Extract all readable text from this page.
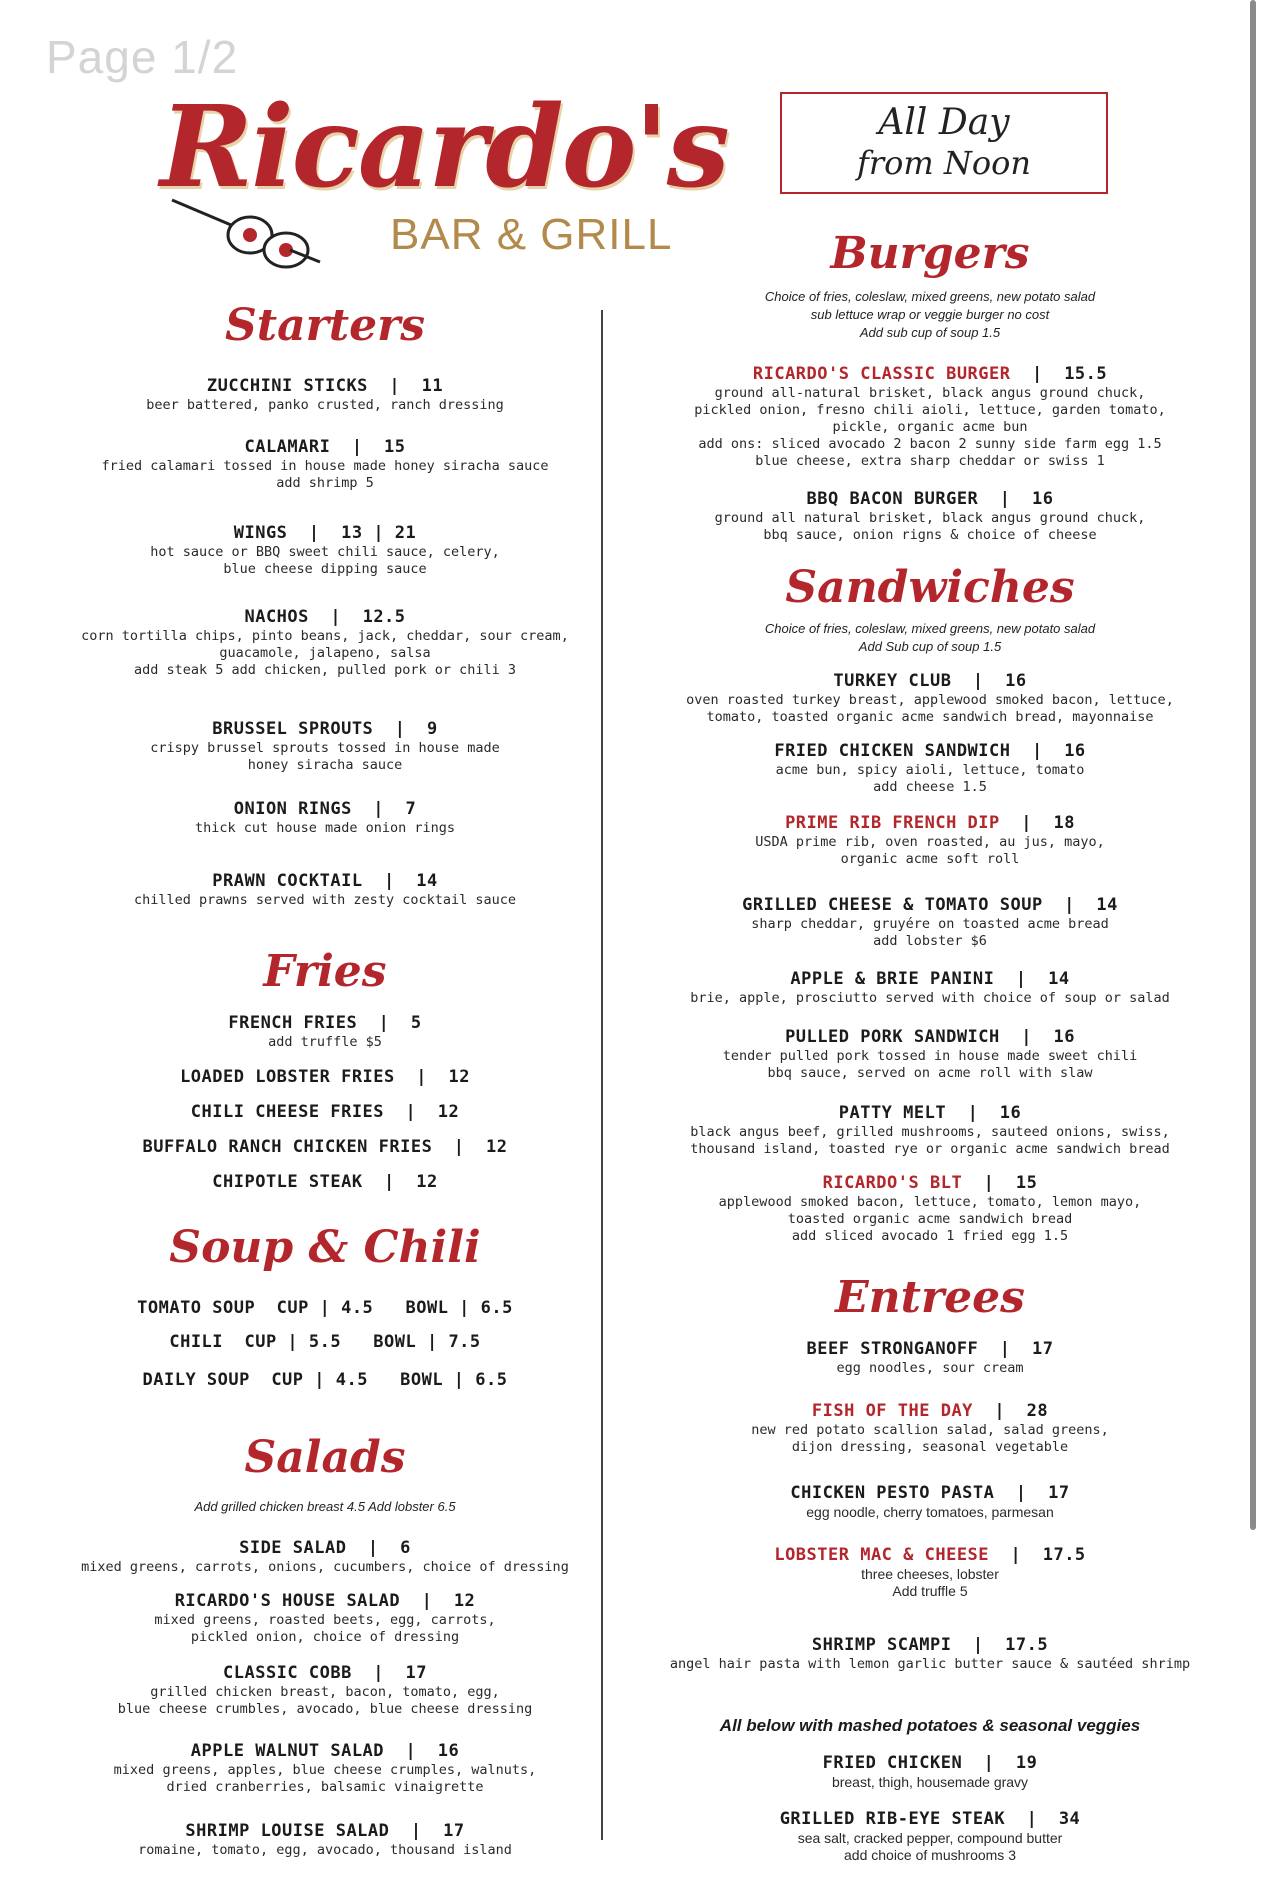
Page 1/2
Ricardo's
BAR & GRILL
All Day
from Noon
Starters
ZUCCHINI STICKS  |  11
beer battered, panko crusted, ranch dressing
CALAMARI  |  15
fried calamari tossed in house made honey siracha sauce
add shrimp 5
WINGS  |  13 | 21
hot sauce or BBQ sweet chili sauce, celery,
blue cheese dipping sauce
NACHOS  |  12.5
corn tortilla chips, pinto beans, jack, cheddar, sour cream,
guacamole, jalapeno, salsa
add steak 5 add chicken, pulled pork or chili 3
BRUSSEL SPROUTS  |  9
crispy brussel sprouts tossed in house made
honey siracha sauce
ONION RINGS  |  7
thick cut house made onion rings
PRAWN COCKTAIL  |  14
chilled prawns served with zesty cocktail sauce
Fries
FRENCH FRIES  |  5
add truffle $5
LOADED LOBSTER FRIES  |  12
CHILI CHEESE FRIES  |  12
BUFFALO RANCH CHICKEN FRIES  |  12
CHIPOTLE STEAK  |  12
Soup & Chili
TOMATO SOUP  CUP | 4.5   BOWL | 6.5
CHILI  CUP | 5.5   BOWL | 7.5
DAILY SOUP  CUP | 4.5   BOWL | 6.5
Salads
Add grilled chicken breast 4.5 Add lobster 6.5
SIDE SALAD  |  6
mixed greens, carrots, onions, cucumbers, choice of dressing
RICARDO'S HOUSE SALAD  |  12
mixed greens, roasted beets, egg, carrots,
pickled onion, choice of dressing
CLASSIC COBB  |  17
grilled chicken breast, bacon, tomato, egg,
blue cheese crumbles, avocado, blue cheese dressing
APPLE WALNUT SALAD  |  16
mixed greens, apples, blue cheese crumples, walnuts,
dried cranberries, balsamic vinaigrette
SHRIMP LOUISE SALAD  |  17
romaine, tomato, egg, avocado, thousand island
Burgers
Choice of fries, coleslaw, mixed greens, new potato salad
sub lettuce wrap or veggie burger no cost
Add sub cup of soup 1.5
RICARDO'S CLASSIC BURGER  |  15.5
ground all-natural brisket, black angus ground chuck,
pickled onion, fresno chili aioli, lettuce, garden tomato,
pickle, organic acme bun
add ons: sliced avocado 2 bacon 2 sunny side farm egg 1.5
blue cheese, extra sharp cheddar or swiss 1
BBQ BACON BURGER  |  16
ground all natural brisket, black angus ground chuck,
bbq sauce, onion rigns & choice of cheese
Sandwiches
Choice of fries, coleslaw, mixed greens, new potato salad
Add Sub cup of soup 1.5
TURKEY CLUB  |  16
oven roasted turkey breast, applewood smoked bacon, lettuce,
tomato, toasted organic acme sandwich bread, mayonnaise
FRIED CHICKEN SANDWICH  |  16
acme bun, spicy aioli, lettuce, tomato
add cheese 1.5
PRIME RIB FRENCH DIP  |  18
USDA prime rib, oven roasted, au jus, mayo,
organic acme soft roll
GRILLED CHEESE & TOMATO SOUP  |  14
sharp cheddar, gruyére on toasted acme bread
add lobster $6
APPLE & BRIE PANINI  |  14
brie, apple, prosciutto served with choice of soup or salad
PULLED PORK SANDWICH  |  16
tender pulled pork tossed in house made sweet chili
bbq sauce, served on acme roll with slaw
PATTY MELT  |  16
black angus beef, grilled mushrooms, sauteed onions, swiss,
thousand island, toasted rye or organic acme sandwich bread
RICARDO'S BLT  |  15
applewood smoked bacon, lettuce, tomato, lemon mayo,
toasted organic acme sandwich bread
add sliced avocado 1 fried egg 1.5
Entrees
BEEF STRONGANOFF  |  17
egg noodles, sour cream
FISH OF THE DAY  |  28
new red potato scallion salad, salad greens,
dijon dressing, seasonal vegetable
CHICKEN PESTO PASTA  |  17
egg noodle, cherry tomatoes, parmesan
LOBSTER MAC & CHEESE  |  17.5
three cheeses, lobster
Add truffle 5
SHRIMP SCAMPI  |  17.5
angel hair pasta with lemon garlic butter sauce & sautéed shrimp
All below with mashed potatoes & seasonal veggies
FRIED CHICKEN  |  19
breast, thigh, housemade gravy
GRILLED RIB-EYE STEAK  |  34
sea salt, cracked pepper, compound butter
add choice of mushrooms 3
